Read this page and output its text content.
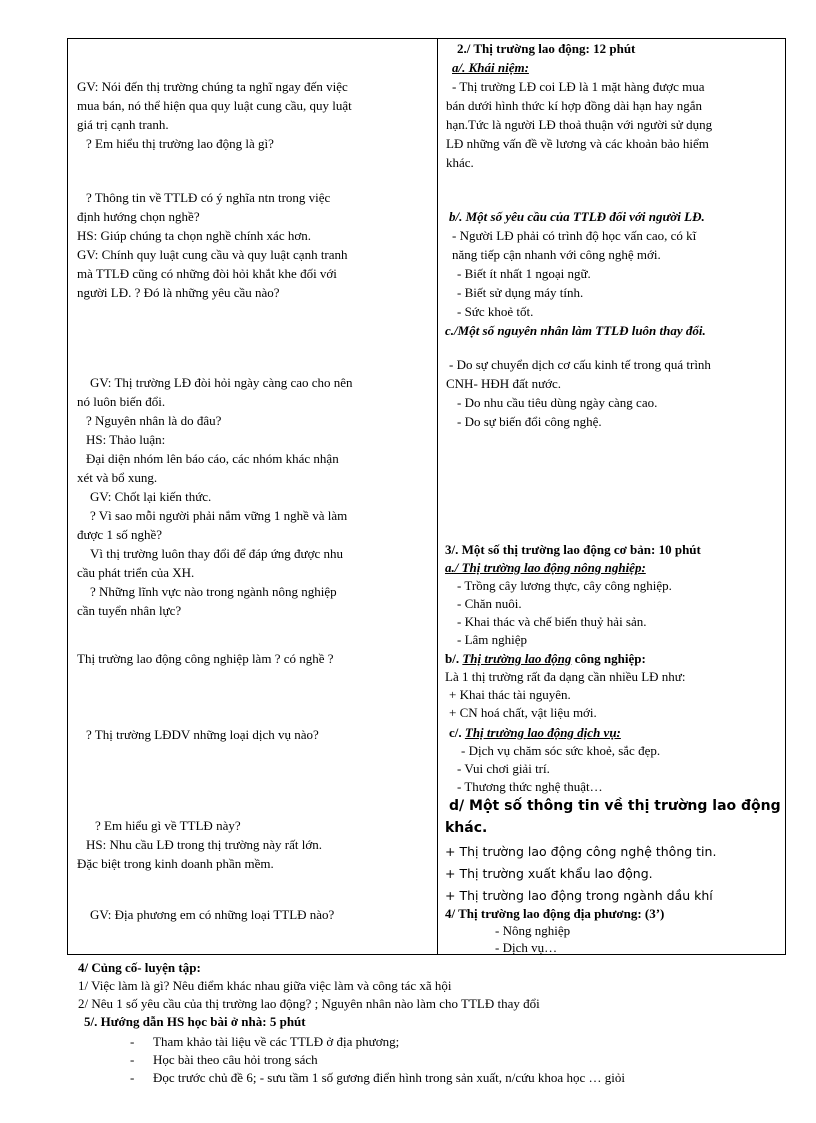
GV: Nói đến thị trường chúng ta nghĩ ngay đến việc
mua bán, nó thể hiện qua quy luật cung cầu, quy luật
giá trị cạnh tranh.
? Em hiểu thị trường lao động là gì?
? Thông tin về TTLĐ có ý nghĩa ntn trong việc
định hướng chọn nghề?
HS: Giúp chúng ta chọn nghề chính xác hơn.
GV: Chính quy luật cung cầu và quy luật cạnh tranh
mà TTLĐ cũng có những đòi hỏi khắt khe đối với
người LĐ. ? Đó là những yêu cầu nào?
GV: Thị trường LĐ đòi hỏi ngày càng cao cho nên
nó luôn biến đổi.
? Nguyên nhân là do đâu?
HS: Thảo luận:
Đại diện nhóm lên báo cáo, các nhóm khác nhận
xét và bổ xung.
GV: Chốt lại kiến thức.
? Vì sao mỗi người phải nắm vững 1 nghề và làm
được 1 số nghề?
Vì thị trường luôn thay đổi để đáp ứng được nhu
cầu phát triển của XH.
? Những lĩnh vực nào trong ngành nông nghiệp
cần tuyển nhân lực?
Thị trường lao động công nghiệp làm ? có nghề ?
? Thị trường LĐDV những loại dịch vụ nào?
? Em hiểu gì về TTLĐ này?
HS: Nhu cầu LĐ trong thị trường này rất lớn.
Đặc biệt trong kinh doanh phần mềm.
GV: Địa phương em có những loại TTLĐ nào?
2./ Thị trường lao động: 12 phút
a/. Khái niệm:
- Thị trường LĐ coi LĐ là 1 mặt hàng được mua
bán dưới hình thức kí hợp đồng dài hạn hay ngắn
hạn.Tức là người LĐ thoả thuận với người sử dụng
LĐ những vấn đề về lương và các khoản bảo hiểm
khác.
b/. Một số yêu cầu của TTLĐ đối với người LĐ.
- Người LĐ phải có trình độ học vấn cao, có kĩ
năng tiếp cận nhanh với công nghệ mới.
- Biết ít nhất 1 ngoại ngữ.
- Biết sử dụng máy tính.
- Sức khoẻ tốt.
c./Một số nguyên nhân làm TTLĐ luôn thay đổi.
- Do sự chuyển dịch cơ cấu kinh tế trong quá trình
CNH- HĐH đất nước.
- Do nhu cầu tiêu dùng ngày càng cao.
- Do sự biến đổi công nghệ.
3/. Một số thị trường lao động cơ bản: 10 phút
a./ Thị trường lao động nông nghiệp:
- Trồng cây lương thực, cây công nghiệp.
- Chăn nuôi.
- Khai thác và chế biến thuỷ hải sản.
- Lâm nghiệp
b/. Thị trường lao động công nghiệp:
Là 1 thị trường rất đa dạng cần nhiều LĐ như:
+ Khai thác tài nguyên.
+ CN hoá chất, vật liệu mới.
c/. Thị trường lao động dịch vụ:
- Dịch vụ chăm sóc sức khoẻ, sắc đẹp.
- Vui chơi giải trí.
- Thương thức nghệ thuật…
d/ Một số thông tin về thị trường lao động
khác.
+ Thị trường lao động công nghệ thông tin.
+ Thị trường xuất khẩu lao động.
+ Thị trường lao động trong ngành dầu khí
4/ Thị trường lao động địa phương: (3’)
- Nông nghiệp
- Dịch vụ…
4/ Củng cố- luyện tập:
1/ Việc làm là gì? Nêu điểm khác nhau giữa việc làm và công tác xã hội
2/ Nêu 1 số yêu cầu của thị trường lao động? ; Nguyên nhân nào làm cho TTLĐ thay đổi
5/. Hướng dẫn HS học bài ở nhà: 5 phút
- Tham khảo tài liệu về các TTLĐ ở địa phương;
- Học bài theo câu hỏi trong sách
- Đọc trước chủ đề 6; - sưu tầm 1 số gương điển hình trong sản xuất, n/cứu khoa học … giỏi
